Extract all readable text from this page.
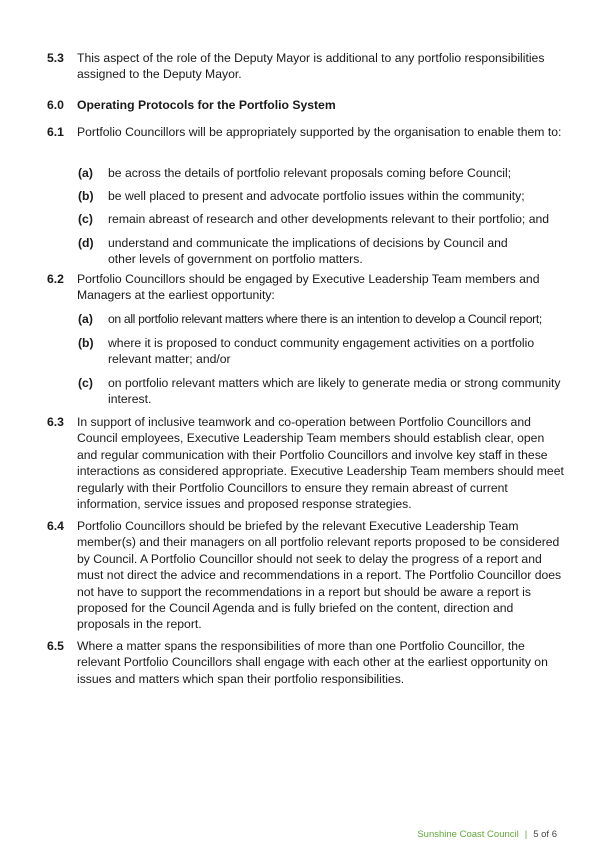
5.3 This aspect of the role of the Deputy Mayor is additional to any portfolio responsibilities assigned to the Deputy Mayor.
6.0 Operating Protocols for the Portfolio System
6.1 Portfolio Councillors will be appropriately supported by the organisation to enable them to:
(a) be across the details of portfolio relevant proposals coming before Council;
(b) be well placed to present and advocate portfolio issues within the community;
(c) remain abreast of research and other developments relevant to their portfolio; and
(d) understand and communicate the implications of decisions by Council and other levels of government on portfolio matters.
6.2 Portfolio Councillors should be engaged by Executive Leadership Team members and Managers at the earliest opportunity:
(a) on all portfolio relevant matters where there is an intention to develop a Council report;
(b) where it is proposed to conduct community engagement activities on a portfolio relevant matter; and/or
(c) on portfolio relevant matters which are likely to generate media or strong community interest.
6.3 In support of inclusive teamwork and co-operation between Portfolio Councillors and Council employees, Executive Leadership Team members should establish clear, open and regular communication with their Portfolio Councillors and involve key staff in these interactions as considered appropriate. Executive Leadership Team members should meet regularly with their Portfolio Councillors to ensure they remain abreast of current information, service issues and proposed response strategies.
6.4 Portfolio Councillors should be briefed by the relevant Executive Leadership Team member(s) and their managers on all portfolio relevant reports proposed to be considered by Council. A Portfolio Councillor should not seek to delay the progress of a report and must not direct the advice and recommendations in a report. The Portfolio Councillor does not have to support the recommendations in a report but should be aware a report is proposed for the Council Agenda and is fully briefed on the content, direction and proposals in the report.
6.5 Where a matter spans the responsibilities of more than one Portfolio Councillor, the relevant Portfolio Councillors shall engage with each other at the earliest opportunity on issues and matters which span their portfolio responsibilities.
Sunshine Coast Council | 5 of 6
